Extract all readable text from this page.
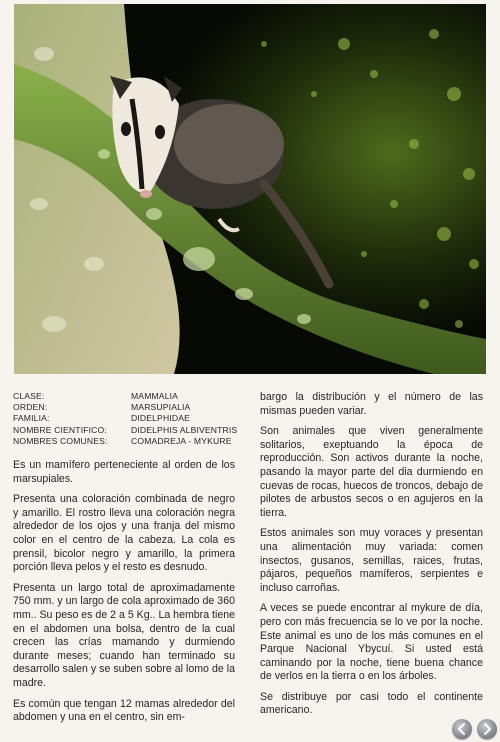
CLASE:	MAMMALIA
ORDEN:	MARSUPIALIA
FAMILIA:	DIDELPHIDAE
NOMBRE CIENTIFICO:	DIDELPHIS ALBIVENTRIS
NOMBRES COMUNES:	COMADREJA - MYKURE

Es un mamífero perteneciente al orden de los marsupiales.

Presenta una coloración combinada de negro y amarillo. El rostro lleva una coloración negra alrededor de los ojos y una franja del mismo color en el centro de la cabeza. La cola es prensil, bicolor negro y amarillo, la primera porción lleva pelos y el resto es desnudo.

Presenta un largo total de aproximadamente 750 mm. y un largo de cola aproximado de 360 mm.. Su peso es de 2 a 5 Kg.. La hembra tiene en el abdomen una bolsa, dentro de la cual crecen las crías mamando y durmiendo durante meses; cuando han terminado su desarrollo salen y se suben sobre al lomo de la madre.

Es común que tengan 12 mamas alrededor del abdomen y una en el centro, sin em-

bargo la distribución y el número de las mismas pueden variar.

Son animales que viven generalmente solitarios, exeptuando la época de reproducción. Son activos durante la noche, pasando la mayor parte del dia durmiendo en cuevas de rocas, huecos de troncos, debajo de pilotes de arbustos secos o en agujeros en la tierra.

Estos animales son muy voraces y presentan una alimentación muy variada: comen insectos, gusanos, semillas, raices, frutas, pájaros, pequeños mamíferos, serpientes e incluso carroñas.

A veces se puede encontrar al mykure de día, pero con más frecuencia se lo ve por la noche. Este animal es uno de los más comunes en el Parque Nacional Ybycuí. Si usted está caminando por la noche, tiene buena chance de verlos en la tierra o en los árboles.

Se distribuye por casi todo el continente americano.
